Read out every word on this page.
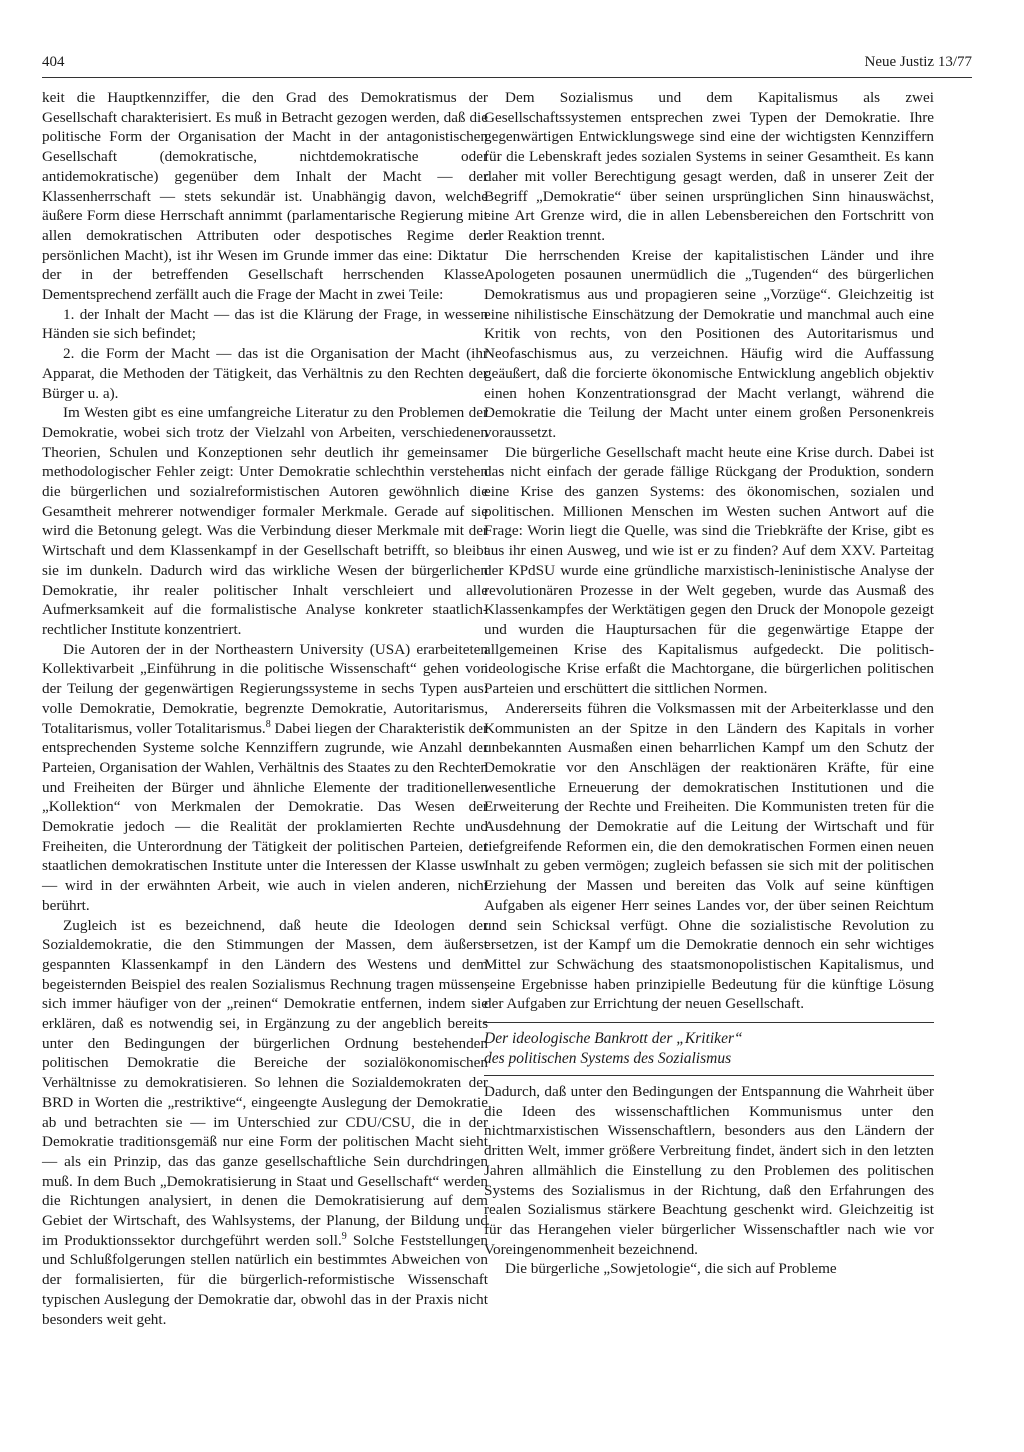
404	Neue Justiz 13/77

keit die Hauptkennziffer, die den Grad des Demokratismus der Gesellschaft charakterisiert. Es muß in Betracht gezogen werden, daß die politische Form der Organisation der Macht in der antagonistischen Gesellschaft (demokratische, nichtdemokratische oder antidemokratische) gegenüber dem Inhalt der Macht — der Klassenherrschaft — stets sekundär ist. Unabhängig davon, welche äußere Form diese Herrschaft annimmt (parlamentarische Regierung mit allen demokratischen Attributen oder despotisches Regime der persönlichen Macht), ist ihr Wesen im Grunde immer das eine: Diktatur der in der betreffenden Gesellschaft herrschenden Klasse. Dementsprechend zerfällt auch die Frage der Macht in zwei Teile:

1. der Inhalt der Macht — das ist die Klärung der Frage, in wessen Händen sie sich befindet;

2. die Form der Macht — das ist die Organisation der Macht (ihr Apparat, die Methoden der Tätigkeit, das Verhältnis zu den Rechten der Bürger u. a).

Im Westen gibt es eine umfangreiche Literatur zu den Problemen der Demokratie, wobei sich trotz der Vielzahl von Arbeiten, verschiedenen Theorien, Schulen und Konzeptionen sehr deutlich ihr gemeinsamer methodologischer Fehler zeigt: Unter Demokratie schlechthin verstehen die bürgerlichen und sozialreformistischen Autoren gewöhnlich die Gesamtheit mehrerer notwendiger formaler Merkmale. Gerade auf sie wird die Betonung gelegt. Was die Verbindung dieser Merkmale mit der Wirtschaft und dem Klassenkampf in der Gesellschaft betrifft, so bleibt sie im dunkeln. Dadurch wird das wirkliche Wesen der bürgerlichen Demokratie, ihr realer politischer Inhalt verschleiert und alle Aufmerksamkeit auf die formalistische Analyse konkreter staatlich-rechtlicher Institute konzentriert.

Die Autoren der in der Northeastern University (USA) erarbeiteten Kollektivarbeit „Einführung in die politische Wissenschaft“ gehen von der Teilung der gegenwärtigen Regierungssysteme in sechs Typen aus: volle Demokratie, Demokratie, begrenzte Demokratie, Autoritarismus, Totalitarismus, voller Totalitarismus.$^8$ Dabei liegen der Charakteristik der entsprechenden Systeme solche Kennziffern zugrunde, wie Anzahl der Parteien, Organisation der Wahlen, Verhältnis des Staates zu den Rechten und Freiheiten der Bürger und ähnliche Elemente der traditionellen „Kollektion“ von Merkmalen der Demokratie. Das Wesen der Demokratie jedoch — die Realität der proklamierten Rechte und Freiheiten, die Unterordnung der Tätigkeit der politischen Parteien, der staatlichen demokratischen Institute unter die Interessen der Klasse usw. — wird in der erwähnten Arbeit, wie auch in vielen anderen, nicht berührt.

Zugleich ist es bezeichnend, daß heute die Ideologen der Sozialdemokratie, die den Stimmungen der Massen, dem äußerst gespannten Klassenkampf in den Ländern des Westens und dem begeisternden Beispiel des realen Sozialismus Rechnung tragen müssen, sich immer häufiger von der „reinen“ Demokratie entfernen, indem sie erklären, daß es notwendig sei, in Ergänzung zu der angeblich bereits unter den Bedingungen der bürgerlichen Ordnung bestehenden politischen Demokratie die Bereiche der sozialökonomischen Verhältnisse zu demokratisieren. So lehnen die Sozialdemokraten der BRD in Worten die „restriktive“, eingeengte Auslegung der Demokratie ab und betrachten sie — im Unterschied zur CDU/CSU, die in der Demokratie traditionsgemäß nur eine Form der politischen Macht sieht — als ein Prinzip, das das ganze gesellschaftliche Sein durchdringen muß. In dem Buch „Demokratisierung in Staat und Gesellschaft“ werden die Richtungen analysiert, in denen die Demokratisierung auf dem Gebiet der Wirtschaft, des Wahlsystems, der Planung, der Bildung und im Produktionssektor durchgeführt werden soll.$^9$ Solche Feststellungen und Schlußfolgerungen stellen natürlich ein bestimmtes Abweichen von der formalisierten, für die bürgerlich-reformistische Wissenschaft typischen Auslegung der Demokratie dar, obwohl das in der Praxis nicht besonders weit geht.

Dem Sozialismus und dem Kapitalismus als zwei Gesellschaftssystemen entsprechen zwei Typen der Demokratie. Ihre gegenwärtigen Entwicklungswege sind eine der wichtigsten Kennziffern für die Lebenskraft jedes sozialen Systems in seiner Gesamtheit. Es kann daher mit voller Berechtigung gesagt werden, daß in unserer Zeit der Begriff „Demokratie“ über seinen ursprünglichen Sinn hinauswächst, eine Art Grenze wird, die in allen Lebensbereichen den Fortschritt von der Reaktion trennt.

Die herrschenden Kreise der kapitalistischen Länder und ihre Apologeten posaunen unermüdlich die „Tugenden“ des bürgerlichen Demokratismus aus und propagieren seine „Vorzüge“. Gleichzeitig ist eine nihilistische Einschätzung der Demokratie und manchmal auch eine Kritik von rechts, von den Positionen des Autoritarismus und Neofaschismus aus, zu verzeichnen. Häufig wird die Auffassung geäußert, daß die forcierte ökonomische Entwicklung angeblich objektiv einen hohen Konzentrationsgrad der Macht verlangt, während die Demokratie die Teilung der Macht unter einem großen Personenkreis voraussetzt.

Die bürgerliche Gesellschaft macht heute eine Krise durch. Dabei ist das nicht einfach der gerade fällige Rückgang der Produktion, sondern eine Krise des ganzen Systems: des ökonomischen, sozialen und politischen. Millionen Menschen im Westen suchen Antwort auf die Frage: Worin liegt die Quelle, was sind die Triebkräfte der Krise, gibt es aus ihr einen Ausweg, und wie ist er zu finden? Auf dem XXV. Parteitag der KPdSU wurde eine gründliche marxistisch-leninistische Analyse der revolutionären Prozesse in der Welt gegeben, wurde das Ausmaß des Klassenkampfes der Werktätigen gegen den Druck der Monopole gezeigt und wurden die Hauptursachen für die gegenwärtige Etappe der allgemeinen Krise des Kapitalismus aufgedeckt. Die politisch-ideologische Krise erfaßt die Machtorgane, die bürgerlichen politischen Parteien und erschüttert die sittlichen Normen.

Andererseits führen die Volksmassen mit der Arbeiterklasse und den Kommunisten an der Spitze in den Ländern des Kapitals in vorher unbekannten Ausmaßen einen beharrlichen Kampf um den Schutz der Demokratie vor den Anschlägen der reaktionären Kräfte, für eine wesentliche Erneuerung der demokratischen Institutionen und die Erweiterung der Rechte und Freiheiten. Die Kommunisten treten für die Ausdehnung der Demokratie auf die Leitung der Wirtschaft und für tiefgreifende Reformen ein, die den demokratischen Formen einen neuen Inhalt zu geben vermögen; zugleich befassen sie sich mit der politischen Erziehung der Massen und bereiten das Volk auf seine künftigen Aufgaben als eigener Herr seines Landes vor, der über seinen Reichtum und sein Schicksal verfügt. Ohne die sozialistische Revolution zu ersetzen, ist der Kampf um die Demokratie dennoch ein sehr wichtiges Mittel zur Schwächung des staatsmonopolistischen Kapitalismus, und seine Ergebnisse haben prinzipielle Bedeutung für die künftige Lösung der Aufgaben zur Errichtung der neuen Gesellschaft.

Der ideologische Bankrott der „Kritiker“
des politischen Systems des Sozialismus

Dadurch, daß unter den Bedingungen der Entspannung die Wahrheit über die Ideen des wissenschaftlichen Kommunismus unter den nichtmarxistischen Wissenschaftlern, besonders aus den Ländern der dritten Welt, immer größere Verbreitung findet, ändert sich in den letzten Jahren allmählich die Einstellung zu den Problemen des politischen Systems des Sozialismus in der Richtung, daß den Erfahrungen des realen Sozialismus stärkere Beachtung geschenkt wird. Gleichzeitig ist für das Herangehen vieler bürgerlicher Wissenschaftler nach wie vor Voreingenommenheit bezeichnend.

Die bürgerliche „Sowjetologie“, die sich auf Probleme
